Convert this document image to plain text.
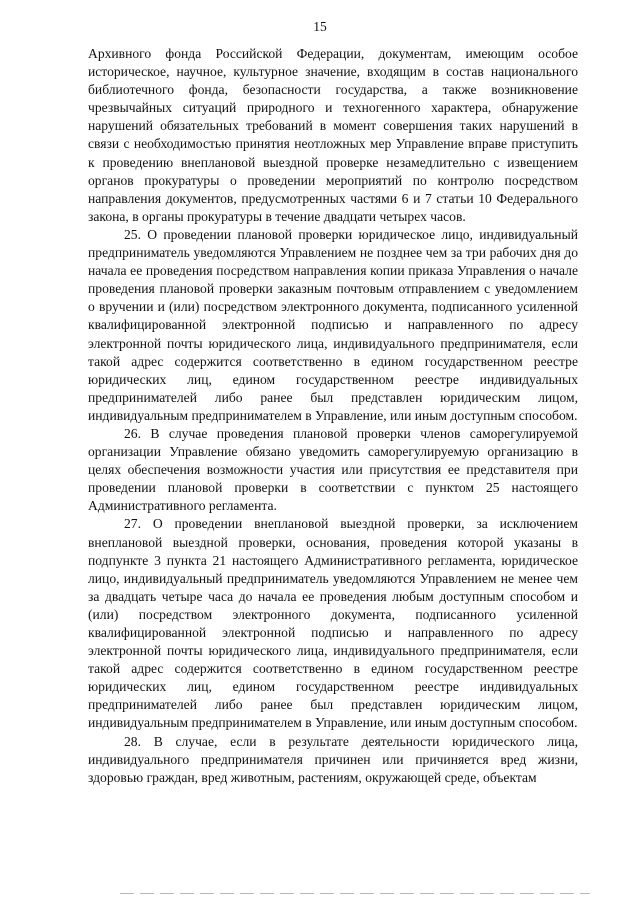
15

Архивного фонда Российской Федерации, документам, имеющим особое историческое, научное, культурное значение, входящим в состав национального библиотечного фонда, безопасности государства, а также возникновение чрезвычайных ситуаций природного и техногенного характера, обнаружение нарушений обязательных требований в момент совершения таких нарушений в связи с необходимостью принятия неотложных мер Управление вправе приступить к проведению внеплановой выездной проверке незамедлительно с извещением органов прокуратуры о проведении мероприятий по контролю посредством направления документов, предусмотренных частями 6 и 7 статьи 10 Федерального закона, в органы прокуратуры в течение двадцати четырех часов.

25. О проведении плановой проверки юридическое лицо, индивидуальный предприниматель уведомляются Управлением не позднее чем за три рабочих дня до начала ее проведения посредством направления копии приказа Управления о начале проведения плановой проверки заказным почтовым отправлением с уведомлением о вручении и (или) посредством электронного документа, подписанного усиленной квалифицированной электронной подписью и направленного по адресу электронной почты юридического лица, индивидуального предпринимателя, если такой адрес содержится соответственно в едином государственном реестре юридических лиц, едином государственном реестре индивидуальных предпринимателей либо ранее был представлен юридическим лицом, индивидуальным предпринимателем в Управление, или иным доступным способом.

26. В случае проведения плановой проверки членов саморегулируемой организации Управление обязано уведомить саморегулируемую организацию в целях обеспечения возможности участия или присутствия ее представителя при проведении плановой проверки в соответствии с пунктом 25 настоящего Административного регламента.

27. О проведении внеплановой выездной проверки, за исключением внеплановой выездной проверки, основания, проведения которой указаны в подпункте 3 пункта 21 настоящего Административного регламента, юридическое лицо, индивидуальный предприниматель уведомляются Управлением не менее чем за двадцать четыре часа до начала ее проведения любым доступным способом и (или) посредством электронного документа, подписанного усиленной квалифицированной электронной подписью и направленного по адресу электронной почты юридического лица, индивидуального предпринимателя, если такой адрес содержится соответственно в едином государственном реестре юридических лиц, едином государственном реестре индивидуальных предпринимателей либо ранее был представлен юридическим лицом, индивидуальным предпринимателем в Управление, или иным доступным способом.

28. В случае, если в результате деятельности юридического лица, индивидуального предпринимателя причинен или причиняется вред жизни, здоровью граждан, вред животным, растениям, окружающей среде, объектам
